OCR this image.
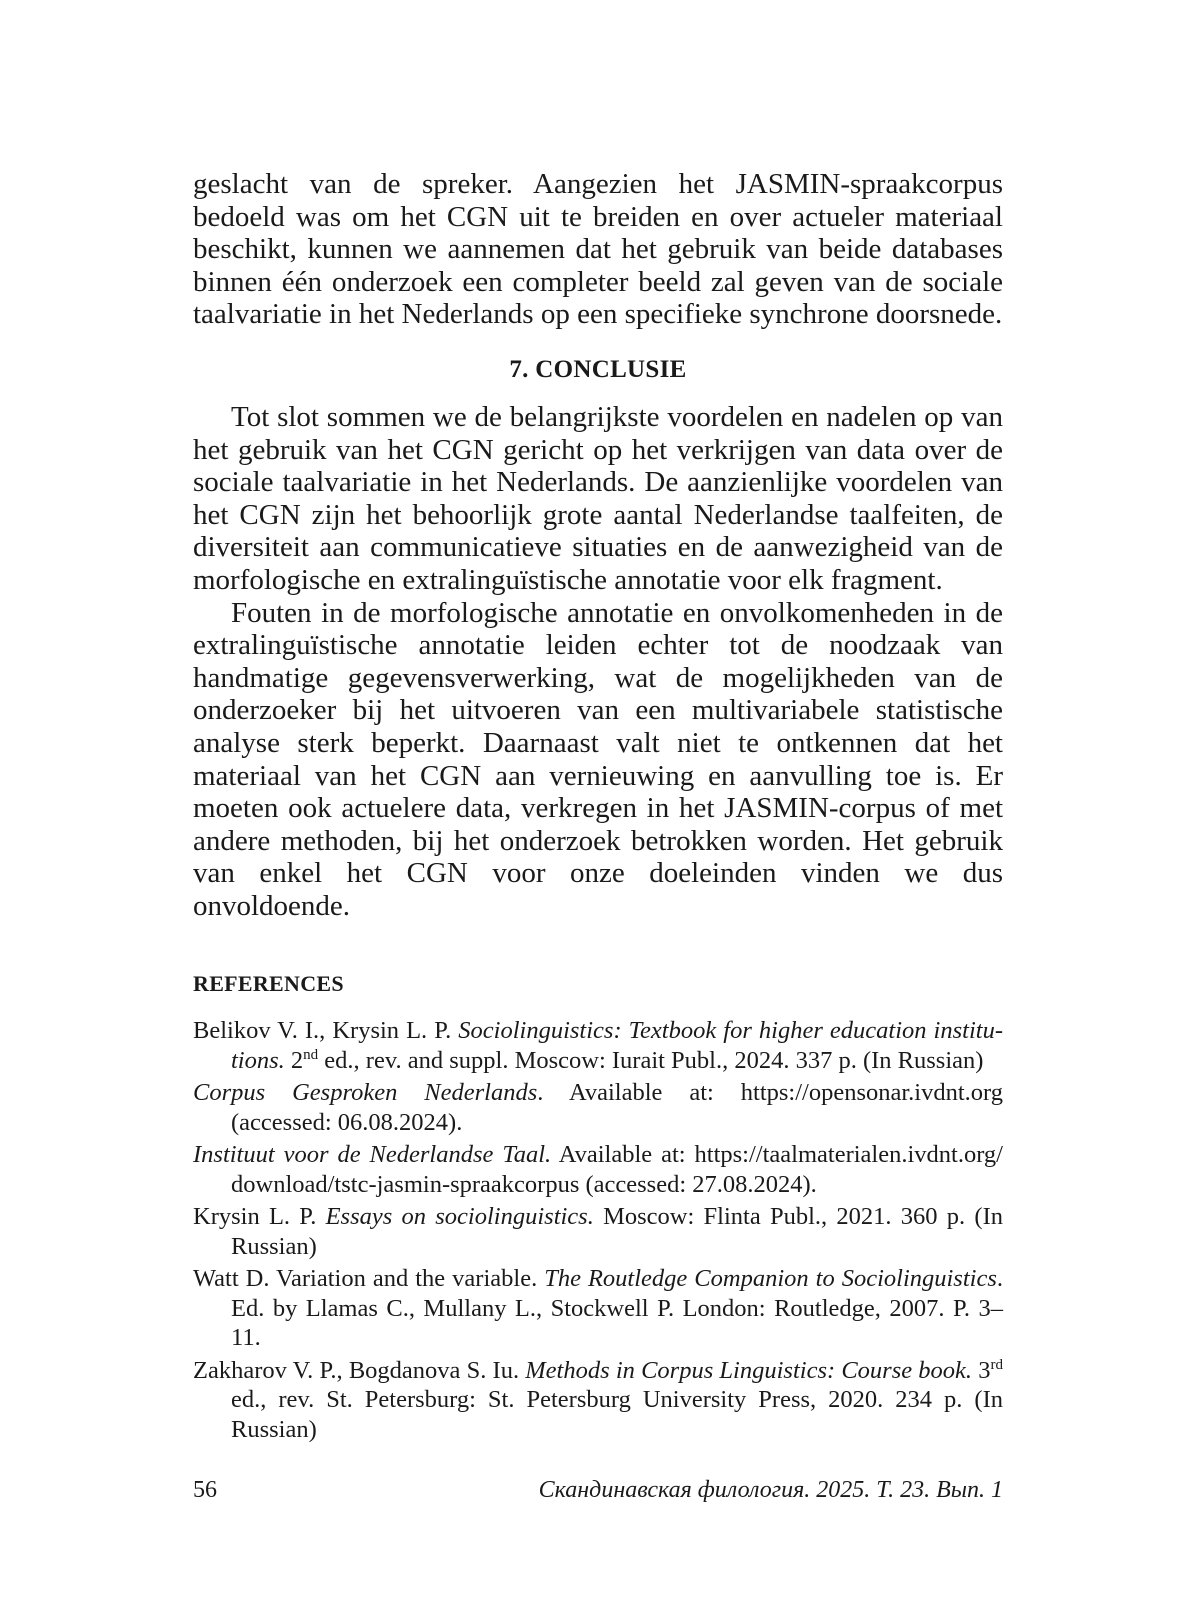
geslacht van de spreker. Aangezien het JASMIN-spraakcorpus bedoeld was om het CGN uit te breiden en over actueler materiaal beschikt, kunnen we aannemen dat het gebruik van beide databases binnen één onderzoek een completer beeld zal geven van de sociale taalvariatie in het Nederlands op een specifieke synchrone doorsnede.

7. CONCLUSIE

Tot slot sommen we de belangrijkste voordelen en nadelen op van het gebruik van het CGN gericht op het verkrijgen van data over de sociale taalvariatie in het Nederlands. De aanzienlijke voordelen van het CGN zijn het behoorlijk grote aantal Nederlandse taalfeiten, de diversiteit aan communicatieve situaties en de aanwezigheid van de morfologische en extralinguïstische annotatie voor elk fragment.

Fouten in de morfologische annotatie en onvolkomenheden in de extralinguïstische annotatie leiden echter tot de noodzaak van handmatige gegevensverwerking, wat de mogelijkheden van de onderzoeker bij het uitvoeren van een multivariabele statistische analyse sterk beperkt. Daarnaast valt niet te ontkennen dat het materiaal van het CGN aan vernieuwing en aanvulling toe is. Er moeten ook actuelere data, verkregen in het JASMIN-corpus of met andere methoden, bij het onderzoek betrokken worden. Het gebruik van enkel het CGN voor onze doeleinden vinden we dus onvoldoende.

REFERENCES
Belikov V. I., Krysin L. P. Sociolinguistics: Textbook for higher education institutions. 2nd ed., rev. and suppl. Moscow: Iurait Publ., 2024. 337 p. (In Russian)
Corpus Gesproken Nederlands. Available at: https://opensonar.ivdnt.org (accessed: 06.08.2024).
Instituut voor de Nederlandse Taal. Available at: https://taalmaterialen.ivdnt.org/​download/tstc-jasmin-spraakcorpus (accessed: 27.08.2024).
Krysin L. P. Essays on sociolinguistics. Moscow: Flinta Publ., 2021. 360 p. (In Russian)
Watt D. Variation and the variable. The Routledge Companion to Sociolinguistics. Ed. by Llamas C., Mullany L., Stockwell P. London: Routledge, 2007. P. 3–11.
Zakharov V. P., Bogdanova S. Iu. Methods in Corpus Linguistics: Course book. 3rd ed., rev. St. Petersburg: St. Petersburg University Press, 2020. 234 p. (In Russian)
56	Скандинавская филология. 2025. Т. 23. Вып. 1
